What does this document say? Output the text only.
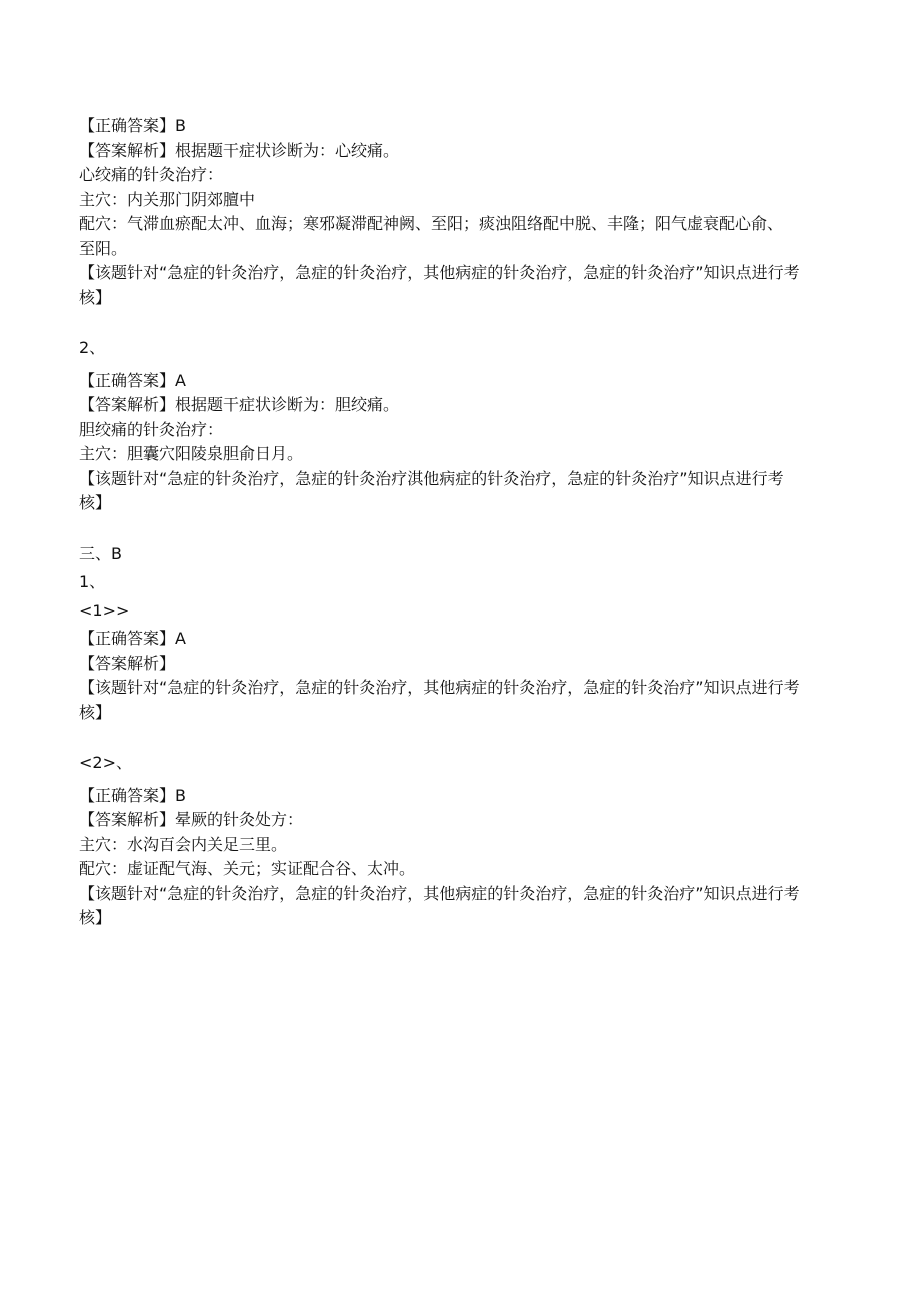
【正确答案】B
【答案解析】根据题干症状诊断为：心绞痛。
心绞痛的针灸治疗：
主穴：内关那门阴郊膻中
配穴：气滞血瘀配太冲、血海；寒邪凝滞配神阙、至阳；痰浊阻络配中脱、丰隆；阳气虚衰配心俞、
至阳。
【该题针对“急症的针灸治疗，急症的针灸治疗，其他病症的针灸治疗，急症的针灸治疗”知识点进行考
核】
2、
【正确答案】A
【答案解析】根据题干症状诊断为：胆绞痛。
胆绞痛的针灸治疗：
主穴：胆囊穴阳陵泉胆俞日月。
【该题针对“急症的针灸治疗，急症的针灸治疗淇他病症的针灸治疗，急症的针灸治疗”知识点进行考
核】
三、B
1、
<1>>
【正确答案】A
【答案解析】
【该题针对“急症的针灸治疗，急症的针灸治疗，其他病症的针灸治疗，急症的针灸治疗”知识点进行考
核】
<2>、
【正确答案】B
【答案解析】晕厥的针灸处方：
主穴：水沟百会内关足三里。
配穴：虚证配气海、关元；实证配合谷、太冲。
【该题针对“急症的针灸治疗，急症的针灸治疗，其他病症的针灸治疗，急症的针灸治疗”知识点进行考
核】
